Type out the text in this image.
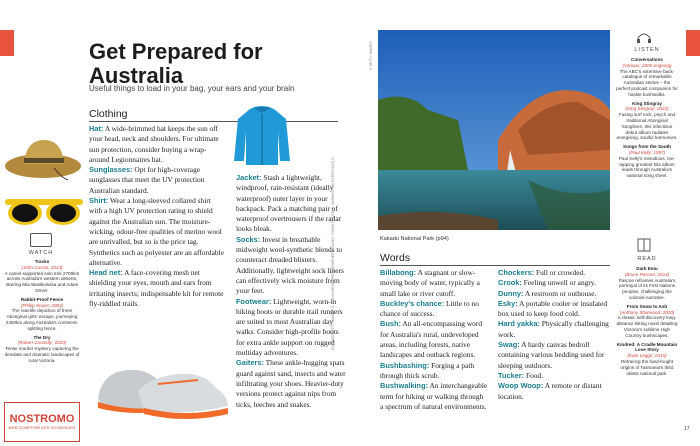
Get Prepared for Australia
Useful things to load in your bag, your ears and your brain
Clothing
WATCH
Tracks
(John Curran; 2013)
A camel-supported solo trek 2700km across Australia's western deserts, starring Mia Wasikowska and Adam Driver.
Rabbit-Proof Fence
(Phillip Noyce; 2002)
The real-life depiction of three Aboriginal girls' escape, journeying 2400km along Australia's continent-splitting fence.
The Dry
(Robert Connolly; 2020)
Tense murder-mystery capturing the desolate and dramatic landscapes of rural Victoria.
NOSTROMO
WEB COMPTOIR DES VOYAGEURS

Hat: A wide-brimmed hat keeps the sun off your head, neck and shoulders. For ultimate sun protection, consider buying a wrap-around Legionnaires hat.

Sunglasses: Opt for high-coverage sunglasses that meet the UV protection Australian standard.

Shirt: Wear a long-sleeved collared shirt with a high UV protection rating to shield against the Australian sun. The moisture-wicking, odour-free qualities of merino wool are unrivalled, but so is the price tag. Synthetics such as polyester are an affordable alternative.

Head net: A face-covering mesh net shielding your eyes, mouth and ears from irritating insects; indispensable kit for remote fly-riddled trails.

Jacket: Stash a lightweight, windproof, rain-resistant (ideally waterproof) outer layer in your backpack. Pack a matching pair of waterproof overtrousers if the radar looks bleak.

Socks: Invest in breathable midweight wool-synthetic blends to counteract dreaded blisters. Additionally, lightweight sock liners can effectively wick moisture from your feet.

Footwear: Lightweight, worn-in hiking boots or durable trail runners are suited to most Australian day walks. Consider high-profile boots for extra ankle support on rugged multiday adventures.

Gaiters: These ankle-hugging spats guard against sand, insects and water infiltrating your shoes. Heavier-duty versions protect against nips from ticks, leeches and snakes.

SOURCE/GETTY IMAGES ©, SOUTHWEST PHOTOGRAPHERS / ALAMY STOCK PHOTO ©, NOOMIO / SHUTTERSTOCK ©
© GETTY IMAGES
Kakadu National Park (p94)
Words

Billabong: A stagnant or slow-moving body of water, typically a small lake or river cutoff.

Buckley's chance: Little to no chance of success.

Bush: An all-encompassing word for Australia's rural, undeveloped areas, including forests, native landscapes and outback regions.

Bushbashing: Forging a path through thick scrub.

Bushwalking: An interchangeable term for hiking or walking through a spectrum of natural environments.

Chockers: Full or crowded.

Crook: Feeling unwell or angry.

Dunny: A restroom or outhouse.

Esky: A portable cooler or insulated box used to keep food cold.

Hard yakka: Physically challenging work.

Swag: A hardy canvas bedroll containing various bedding used for sleeping outdoors.

Tucker: Food.

Woop Woop: A remote or distant location.

LISTEN
Conversations
(Various; 2006-ongoing)
The ABC's extensive back-catalogue of remarkable Australian stories – the perfect podcast companion for hassle bushwalks.
King Stingray
(King Stingray; 2022)
Fusing surf rock, psych and traditional Aboriginal Songlines, this infectious debut album radiates energising, soulful harmonies.
Songs from the South
(Paul Kelly; 1997)
Paul Kelly's melodious, toe-tapping greatest hits album leads through Australia's national song sheet.
READ
Dark Emu
(Bruce Pascoe; 2014)
Pascoe reframes Australia's portrayal of its First Nations peoples, challenging the colonial narrative.
From Snow to Ash
(Anthony Sharwood; 2020)
A classic self-discovery long-distance hiking novel detailing Victoria's sublime High Country bushscapes.
Kindred: A Cradle Mountain Love Story
(Kate Legge; 2015)
Retracing the hard-fought origins of Tasmania's third oldest national park.
17
